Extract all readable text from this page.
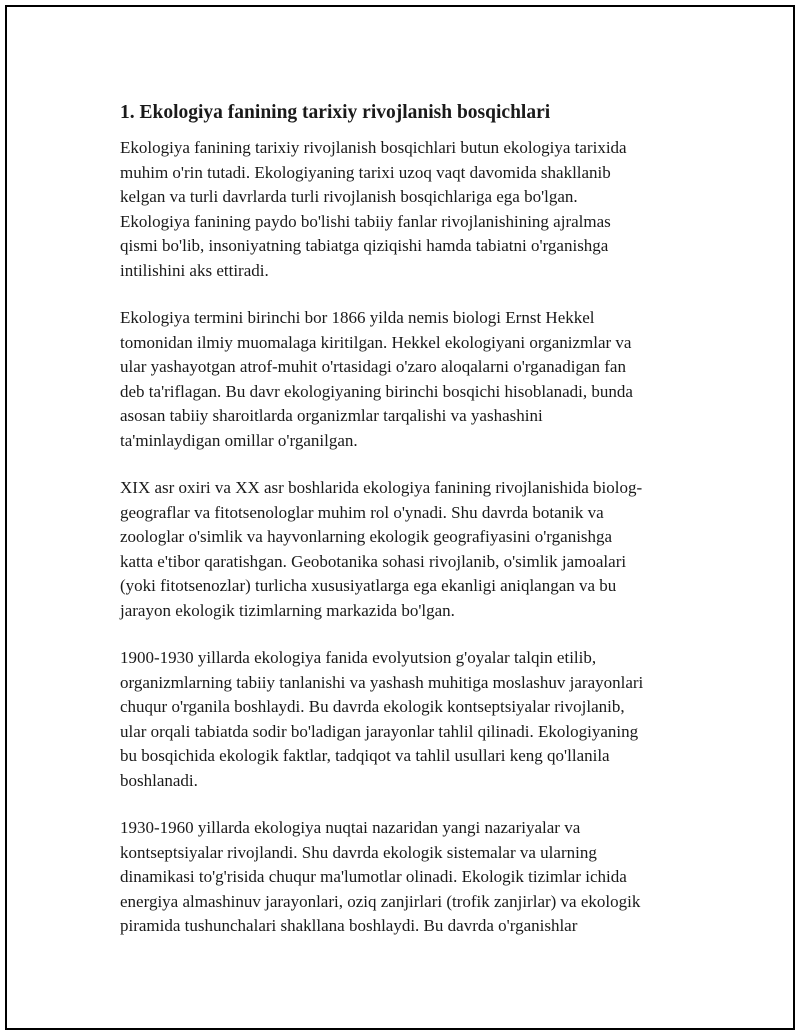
1. Ekologiya fanining tarixiy rivojlanish bosqichlari

Ekologiya fanining tarixiy rivojlanish bosqichlari butun ekologiya tarixida
muhim o'rin tutadi. Ekologiyaning tarixi uzoq vaqt davomida shakllanib
kelgan va turli davrlarda turli rivojlanish bosqichlariga ega bo'lgan.
Ekologiya fanining paydo bo'lishi tabiiy fanlar rivojlanishining ajralmas
qismi bo'lib, insoniyatning tabiatga qiziqishi hamda tabiatni o'rganishga
intilishini aks ettiradi.

Ekologiya termini birinchi bor 1866 yilda nemis biologi Ernst Hekkel
tomonidan ilmiy muomalaga kiritilgan. Hekkel ekologiyani organizmlar va
ular yashayotgan atrof-muhit o'rtasidagi o'zaro aloqalarni o'rganadigan fan
deb ta'riflagan. Bu davr ekologiyaning birinchi bosqichi hisoblanadi, bunda
asosan tabiiy sharoitlarda organizmlar tarqalishi va yashashini
ta'minlaydigan omillar o'rganilgan.

XIX asr oxiri va XX asr boshlarida ekologiya fanining rivojlanishida biolog-
geograflar va fitotsenologlar muhim rol o'ynadi. Shu davrda botanik va
zoologlar o'simlik va hayvonlarning ekologik geografiyasini o'rganishga
katta e'tibor qaratishgan. Geobotanika sohasi rivojlanib, o'simlik jamoalari
(yoki fitotsenozlar) turlicha xususiyatlarga ega ekanligi aniqlangan va bu
jarayon ekologik tizimlarning markazida bo'lgan.

1900-1930 yillarda ekologiya fanida evolyutsion g'oyalar talqin etilib,
organizmlarning tabiiy tanlanishi va yashash muhitiga moslashuv jarayonlari
chuqur o'rganila boshlaydi. Bu davrda ekologik kontseptsiyalar rivojlanib,
ular orqali tabiatda sodir bo'ladigan jarayonlar tahlil qilinadi. Ekologiyaning
bu bosqichida ekologik faktlar, tadqiqot va tahlil usullari keng qo'llanila
boshlanadi.

1930-1960 yillarda ekologiya nuqtai nazaridan yangi nazariyalar va
kontseptsiyalar rivojlandi. Shu davrda ekologik sistemalar va ularning
dinamikasi to'g'risida chuqur ma'lumotlar olinadi. Ekologik tizimlar ichida
energiya almashinuv jarayonlari, oziq zanjirlari (trofik zanjirlar) va ekologik
piramida tushunchalari shakllana boshlaydi. Bu davrda o'rganishlar
